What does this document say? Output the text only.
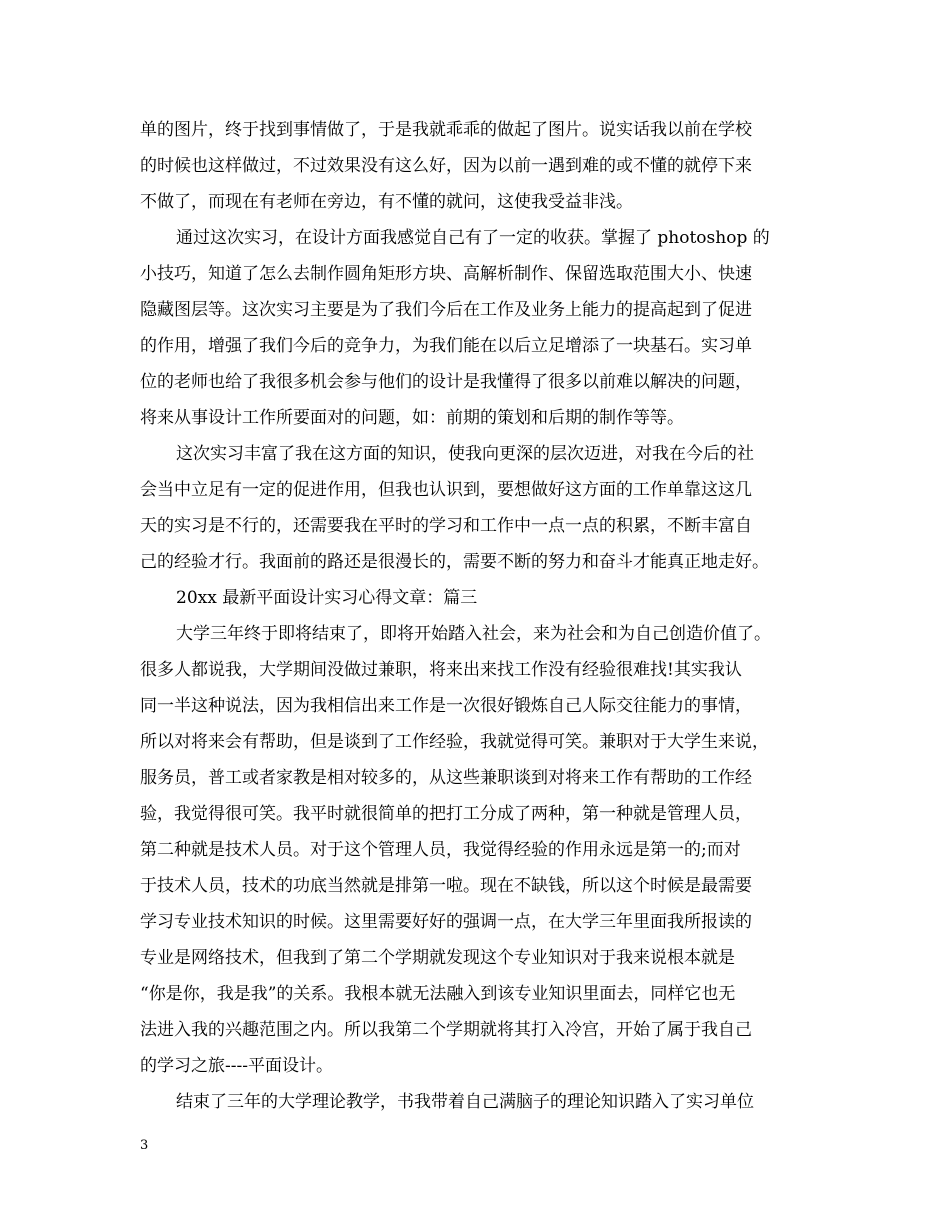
单的图片，终于找到事情做了，于是我就乖乖的做起了图片。说实话我以前在学校
的时候也这样做过，不过效果没有这么好，因为以前一遇到难的或不懂的就停下来
不做了，而现在有老师在旁边，有不懂的就问，这使我受益非浅。
通过这次实习，在设计方面我感觉自己有了一定的收获。掌握了 photoshop 的
小技巧，知道了怎么去制作圆角矩形方块、高解析制作、保留选取范围大小、快速
隐藏图层等。这次实习主要是为了我们今后在工作及业务上能力的提高起到了促进
的作用，增强了我们今后的竞争力，为我们能在以后立足增添了一块基石。实习单
位的老师也给了我很多机会参与他们的设计是我懂得了很多以前难以解决的问题，
将来从事设计工作所要面对的问题，如：前期的策划和后期的制作等等。
这次实习丰富了我在这方面的知识，使我向更深的层次迈进，对我在今后的社
会当中立足有一定的促进作用，但我也认识到，要想做好这方面的工作单靠这这几
天的实习是不行的，还需要我在平时的学习和工作中一点一点的积累，不断丰富自
己的经验才行。我面前的路还是很漫长的，需要不断的努力和奋斗才能真正地走好。
20xx 最新平面设计实习心得文章：篇三
大学三年终于即将结束了，即将开始踏入社会，来为社会和为自己创造价值了。
很多人都说我，大学期间没做过兼职，将来出来找工作没有经验很难找!其实我认
同一半这种说法，因为我相信出来工作是一次很好锻炼自己人际交往能力的事情，
所以对将来会有帮助，但是谈到了工作经验，我就觉得可笑。兼职对于大学生来说，
服务员，普工或者家教是相对较多的，从这些兼职谈到对将来工作有帮助的工作经
验，我觉得很可笑。我平时就很简单的把打工分成了两种，第一种就是管理人员，
第二种就是技术人员。对于这个管理人员，我觉得经验的作用永远是第一的;而对
于技术人员，技术的功底当然就是排第一啦。现在不缺钱，所以这个时候是最需要
学习专业技术知识的时候。这里需要好好的强调一点，在大学三年里面我所报读的
专业是网络技术，但我到了第二个学期就发现这个专业知识对于我来说根本就是
“你是你，我是我”的关系。我根本就无法融入到该专业知识里面去，同样它也无
法进入我的兴趣范围之内。所以我第二个学期就将其打入冷宫，开始了属于我自己
的学习之旅----平面设计。
结束了三年的大学理论教学，书我带着自己满脑子的理论知识踏入了实习单位
3
